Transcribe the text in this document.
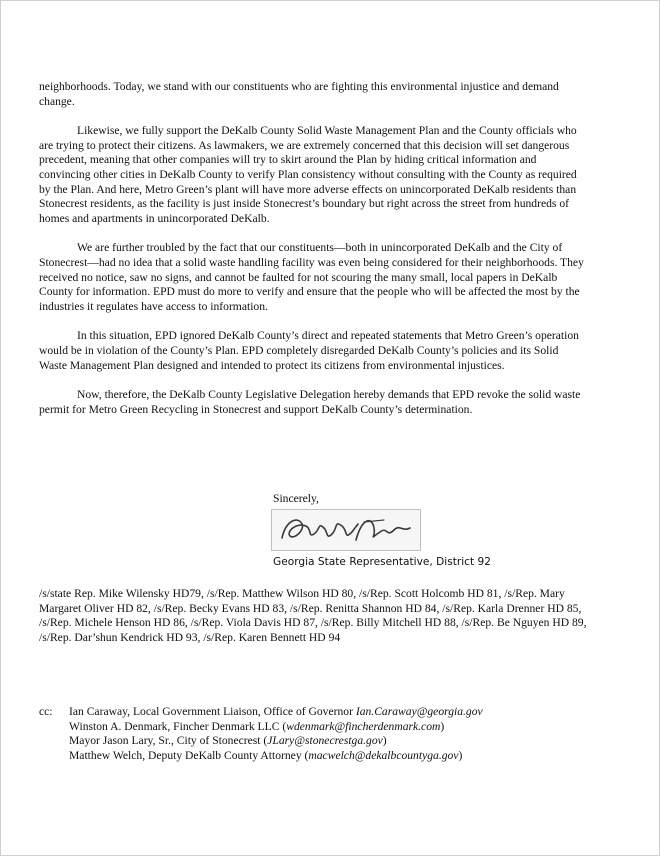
neighborhoods. Today, we stand with our constituents who are fighting this environmental injustice and demand change.

Likewise, we fully support the DeKalb County Solid Waste Management Plan and the County officials who are trying to protect their citizens. As lawmakers, we are extremely concerned that this decision will set dangerous precedent, meaning that other companies will try to skirt around the Plan by hiding critical information and convincing other cities in DeKalb County to verify Plan consistency without consulting with the County as required by the Plan. And here, Metro Green’s plant will have more adverse effects on unincorporated DeKalb residents than Stonecrest residents, as the facility is just inside Stonecrest’s boundary but right across the street from hundreds of homes and apartments in unincorporated DeKalb.

We are further troubled by the fact that our constituents—both in unincorporated DeKalb and the City of Stonecrest—had no idea that a solid waste handling facility was even being considered for their neighborhoods. They received no notice, saw no signs, and cannot be faulted for not scouring the many small, local papers in DeKalb County for information. EPD must do more to verify and ensure that the people who will be affected the most by the industries it regulates have access to information.

In this situation, EPD ignored DeKalb County’s direct and repeated statements that Metro Green’s operation would be in violation of the County’s Plan. EPD completely disregarded DeKalb County’s policies and its Solid Waste Management Plan designed and intended to protect its citizens from environmental injustices.

Now, therefore, the DeKalb County Legislative Delegation hereby demands that EPD revoke the solid waste permit for Metro Green Recycling in Stonecrest and support DeKalb County’s determination.

Sincerely,
Georgia State Representative, District 92
/s/state Rep. Mike Wilensky HD79, /s/Rep. Matthew Wilson HD 80, /s/Rep. Scott Holcomb HD 81, /s/Rep. Mary Margaret Oliver HD 82, /s/Rep. Becky Evans HD 83, /s/Rep. Renitta Shannon HD 84, /s/Rep. Karla Drenner HD 85, /s/Rep. Michele Henson HD 86, /s/Rep. Viola Davis HD 87, /s/Rep. Billy Mitchell HD 88, /s/Rep. Be Nguyen HD 89, /s/Rep. Dar’shun Kendrick HD 93, /s/Rep. Karen Bennett HD 94
cc: Ian Caraway, Local Government Liaison, Office of Governor Ian.Caraway@georgia.gov
Winston A. Denmark, Fincher Denmark LLC (wdenmark@fincherdenmark.com)
Mayor Jason Lary, Sr., City of Stonecrest (JLary@stonecrestga.gov)
Matthew Welch, Deputy DeKalb County Attorney (macwelch@dekalbcountyga.gov)
